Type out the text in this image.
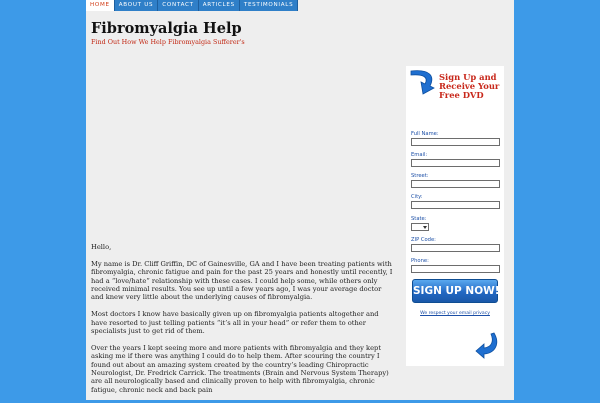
HOME	ABOUT US	CONTACT	ARTICLES	TESTIMONIALS
Fibromyalgia Help

Find Out How We Help Fibromyalgia Sufferer's

Hello,

My name is Dr. Cliff Griffin, DC of Gainesville, GA and I have been treating patients with fibromyalgia, chronic fatigue and pain for the past 25 years and honestly until recently, I had a “love/hate” relationship with these cases. I could help some, while others only received minimal results. You see up until a few years ago, I was your average doctor and knew very little about the underlying causes of fibromyalgia.

Most doctors I know have basically given up on fibromyalgia patients altogether and have resorted to just telling patients “it’s all in your head” or refer them to other specialists just to get rid of them.

Over the years I kept seeing more and more patients with fibromyalgia and they kept asking me if there was anything I could do to help them. After scouring the country I found out about an amazing system created by the country’s leading Chiropractic Neurologist, Dr. Fredrick Carrick. The treatments (Brain and Nervous System Therapy) are all neurologically based and clinically proven to help with fibromyalgia, chronic fatigue, chronic neck and back pain

Sign Up and Receive Your Free DVD
Full Name:
Email:
Street:
City:
State:
ZIP Code:
Phone:
SIGN UP NOW!
We respect your email privacy
